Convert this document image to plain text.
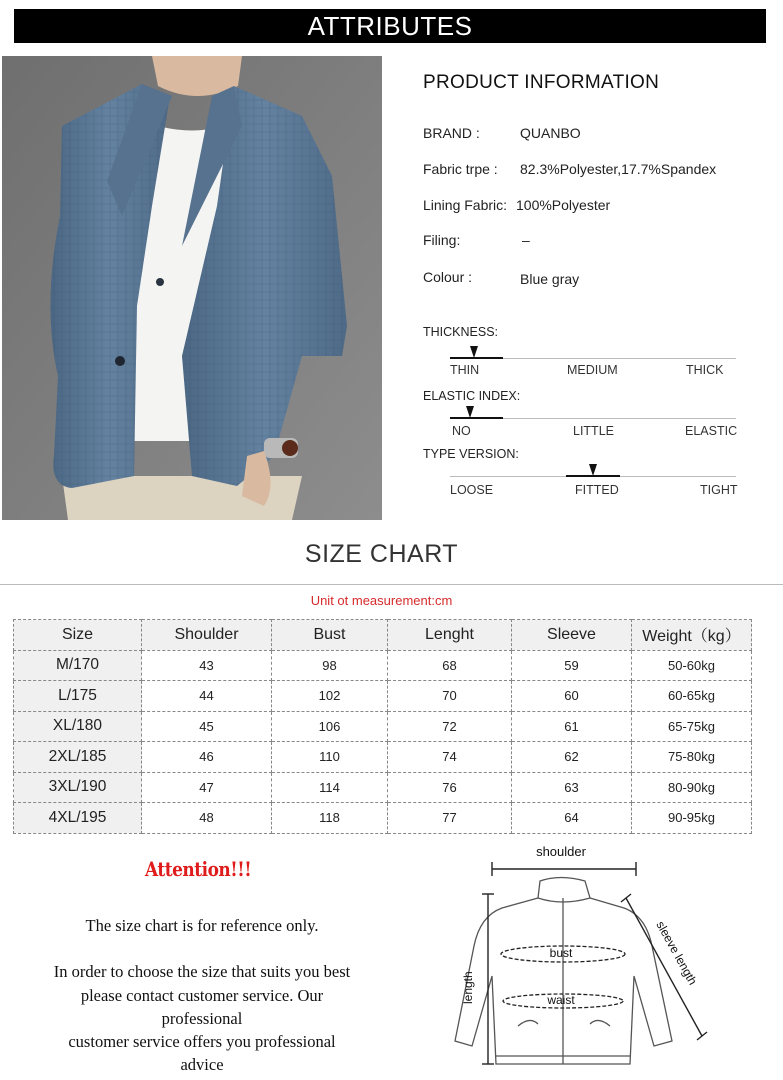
ATTRIBUTES
PRODUCT INFORMATION
BRAND :	QUANBO
Fabric trpe : 82.3%Polyester,17.7%Spandex
Lining Fabric: 100%Polyester
Filing:	–
Colour :	Blue gray
THICKNESS:
THIN	MEDIUM	THICK
ELASTIC INDEX:
NO	LITTLE	ELASTIC
TYPE VERSION:
LOOSE	FITTED	TIGHT
SIZE CHART
Unit ot measurement:cm
Size	Shoulder	Bust	Lenght	Sleeve	Weight（kg）
M/170	43	98	68	59	50-60kg
L/175	44	102	70	60	60-65kg
XL/180	45	106	72	61	65-75kg
2XL/185	46	110	74	62	75-80kg
3XL/190	47	114	76	63	80-90kg
4XL/195	48	118	77	64	90-95kg
Attention!!!
The size chart is for reference only.
In order to choose the size that suits you best
please contact customer service. Our
professional
customer service offers you professional
advice
shoulder
bust
waist
length
sleeve length
